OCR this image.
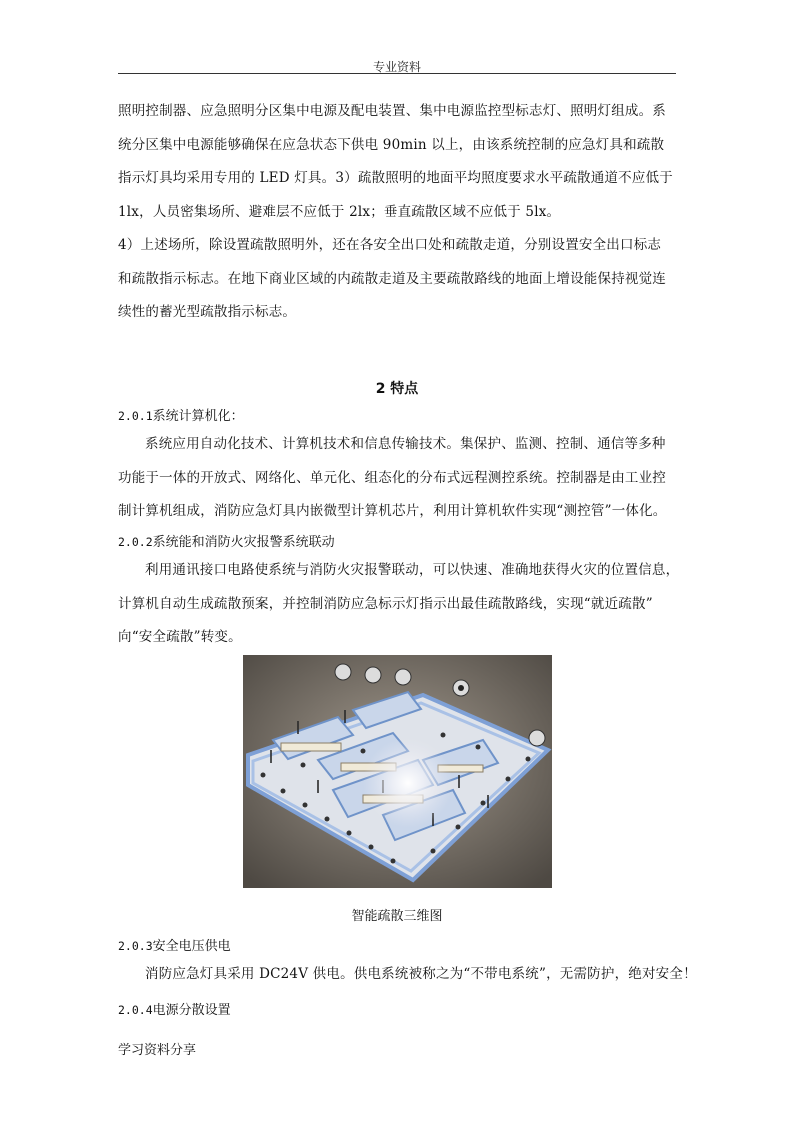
专业资料
照明控制器、应急照明分区集中电源及配电装置、集中电源监控型标志灯、照明灯组成。系
统分区集中电源能够确保在应急状态下供电 90min 以上，由该系统控制的应急灯具和疏散
指示灯具均采用专用的 LED 灯具。3）疏散照明的地面平均照度要求水平疏散通道不应低于
1lx，人员密集场所、避难层不应低于 2lx；垂直疏散区域不应低于 5lx。
4）上述场所，除设置疏散照明外，还在各安全出口处和疏散走道，分别设置安全出口标志
和疏散指示标志。在地下商业区域的内疏散走道及主要疏散路线的地面上增设能保持视觉连
续性的蓄光型疏散指示标志。
2 特点
2.0.1系统计算机化：
系统应用自动化技术、计算机技术和信息传输技术。集保护、监测、控制、通信等多种
功能于一体的开放式、网络化、单元化、组态化的分布式远程测控系统。控制器是由工业控
制计算机组成，消防应急灯具内嵌微型计算机芯片，利用计算机软件实现“测控管”一体化。
2.0.2系统能和消防火灾报警系统联动
利用通讯接口电路使系统与消防火灾报警联动，可以快速、准确地获得火灾的位置信息，
计算机自动生成疏散预案，并控制消防应急标示灯指示出最佳疏散路线，实现“就近疏散”
向“安全疏散”转变。
智能疏散三维图
2.0.3安全电压供电
消防应急灯具采用 DC24V 供电。供电系统被称之为“不带电系统”，无需防护，绝对安全！
2.0.4电源分散设置
学习资料分享
